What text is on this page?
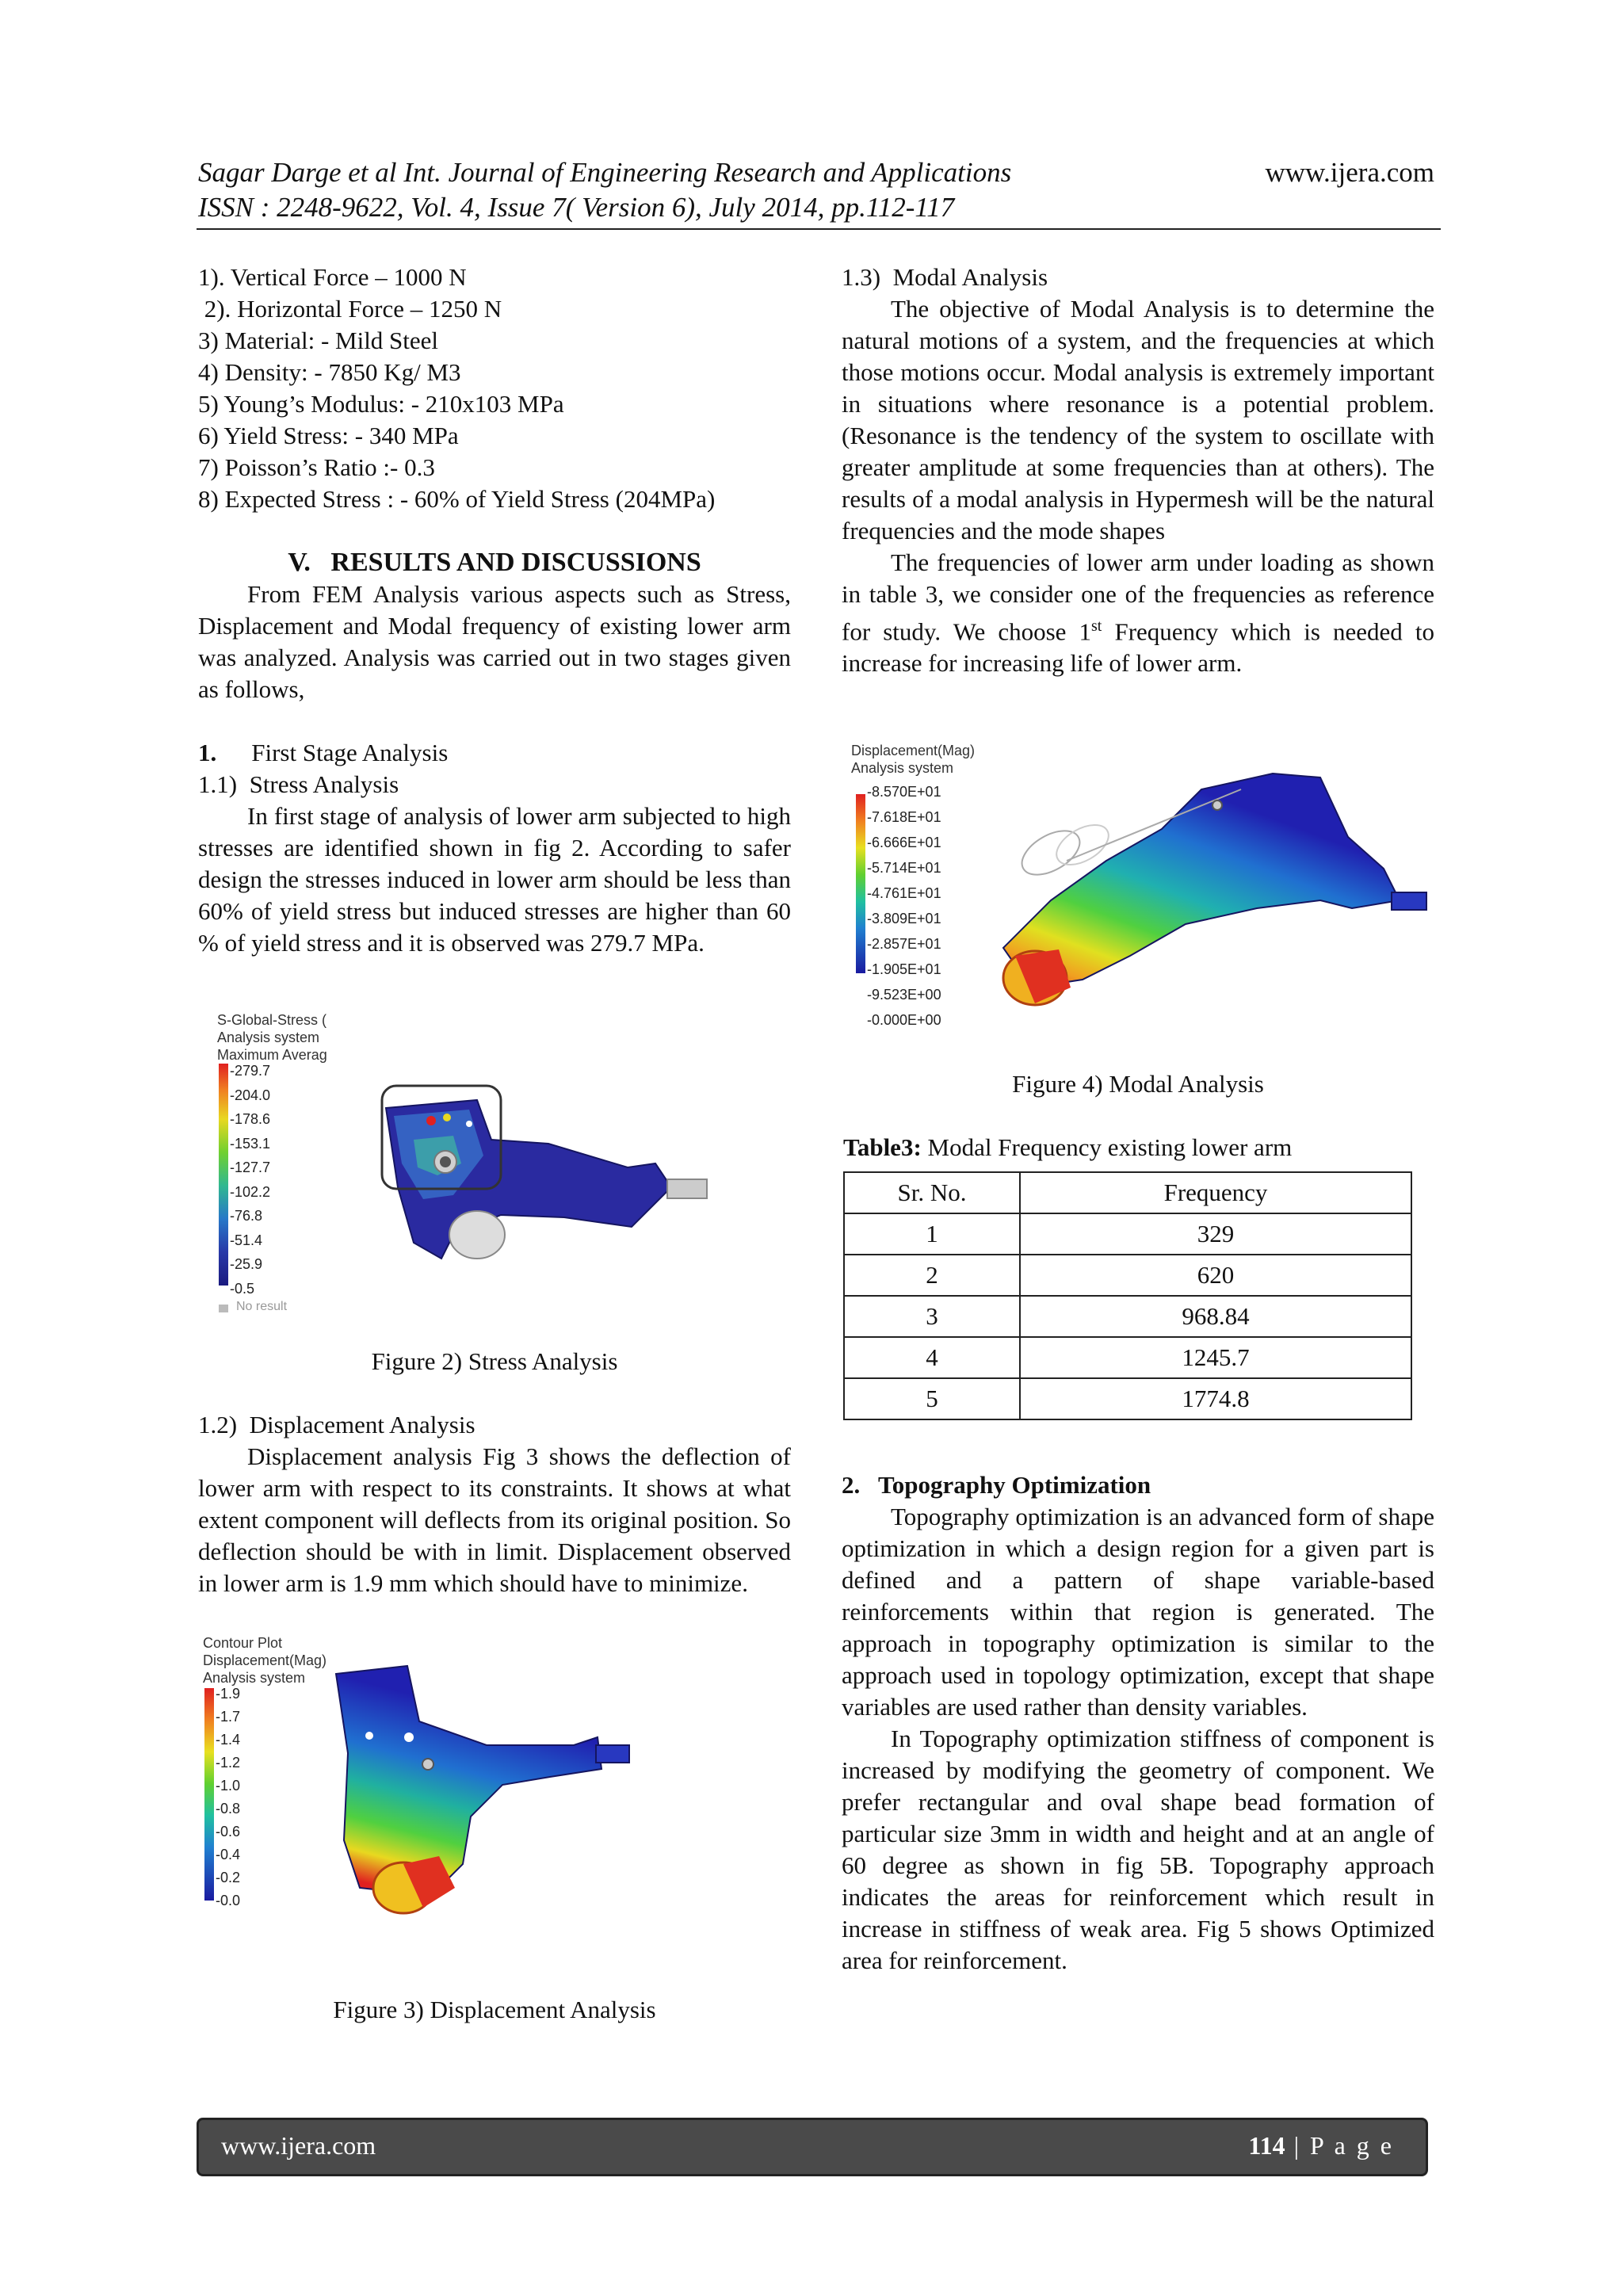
Sagar Darge et al Int. Journal of Engineering Research and Applications
ISSN : 2248-9622, Vol. 4, Issue 7( Version 6), July 2014, pp.112-117
www.ijera.com

1). Vertical Force – 1000 N

2). Horizontal Force – 1250 N

3) Material: - Mild Steel

4) Density: - 7850 Kg/ M3

5) Young’s Modulus: - 210x103 MPa

6) Yield Stress: - 340 MPa

7) Poisson’s Ratio :- 0.3

8) Expected Stress : - 60% of Yield Stress (204MPa)

V.   RESULTS AND DISCUSSIONS

From FEM Analysis various aspects such as Stress, Displacement and Modal frequency of existing lower arm was analyzed. Analysis was carried out in two stages given as follows,

1. First Stage Analysis

1.1)  Stress Analysis

In first stage of analysis of lower arm subjected to high stresses are identified shown in fig 2. According to safer design the stresses induced in lower arm should be less than 60% of yield stress but induced stresses are higher than 60 % of yield stress and it is observed was 279.7 MPa.

S-Global-Stress (
Analysis system
Maximum Averag
-279.7
-204.0
-178.6
-153.1
-127.7
-102.2
-76.8
-51.4
-25.9
-0.5
No result
Figure 2) Stress Analysis

1.2)  Displacement Analysis

Displacement analysis Fig 3 shows the deflection of lower arm with respect to its constraints. It shows at what extent component will deflects from its original position. So deflection should be with in limit. Displacement observed in lower arm is 1.9 mm which should have to minimize.

Contour Plot
Displacement(Mag)
Analysis system
-1.9
-1.7
-1.4
-1.2
-1.0
-0.8
-0.6
-0.4
-0.2
-0.0
Figure 3) Displacement Analysis

1.3)  Modal Analysis

The objective of Modal Analysis is to determine the natural motions of a system, and the frequencies at which those motions occur. Modal analysis is extremely important in situations where resonance is a potential problem. (Resonance is the tendency of the system to oscillate with greater amplitude at some frequencies than at others). The results of a modal analysis in Hypermesh will be the natural frequencies and the mode shapes

The frequencies of lower arm under loading as shown in table 3, we consider one of the frequencies as reference for study. We choose 1st Frequency which is needed to increase for increasing life of lower arm.

Displacement(Mag)
Analysis system
-8.570E+01
-7.618E+01
-6.666E+01
-5.714E+01
-4.761E+01
-3.809E+01
-2.857E+01
-1.905E+01
-9.523E+00
-0.000E+00
Figure 4) Modal Analysis
Table3: Modal Frequency existing lower arm
Sr. No.	Frequency
1	329
2	620
3	968.84
4	1245.7
5	1774.8

2.   Topography Optimization

Topography optimization is an advanced form of shape optimization in which a design region for a given part is defined and a pattern of shape variable-based reinforcements within that region is generated. The approach in topography optimization is similar to the approach used in topology optimization, except that shape variables are used rather than density variables.

In Topography optimization stiffness of component is increased by modifying the geometry of component. We prefer rectangular and oval shape bead formation of particular size 3mm in width and height and at an angle of 60 degree as shown in fig 5B. Topography approach indicates the areas for reinforcement which result in increase in stiffness of weak area. Fig 5 shows Optimized area for reinforcement.

www.ijera.com	114 | P a g e
